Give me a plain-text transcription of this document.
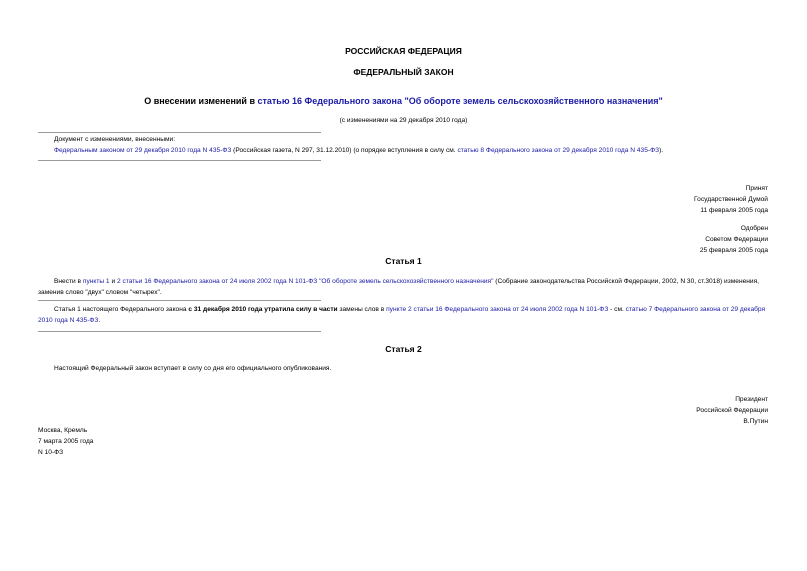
РОССИЙСКАЯ ФЕДЕРАЦИЯ
ФЕДЕРАЛЬНЫЙ ЗАКОН
О внесении изменений в статью 16 Федерального закона "Об обороте земель сельскохозяйственного назначения"
(с изменениями на 29 декабря 2010 года)
Документ с изменениями, внесенными:
Федеральным законом от 29 декабря 2010 года N 435-ФЗ (Российская газета, N 297, 31.12.2010) (о порядке вступления в силу см. статью 8 Федерального закона от 29 декабря 2010 года N 435-ФЗ).
Принят
Государственной Думой
11 февраля 2005 года
Одобрен
Советом Федерации
25 февраля 2005 года
Статья 1
Внести в пункты 1 и 2 статьи 16 Федерального закона от 24 июля 2002 года N 101-ФЗ "Об обороте земель сельскохозяйственного назначения" (Собрание законодательства Российской Федерации, 2002, N 30, ст.3018) изменения, заменив слово "двух" словом "четырех".
Статья 1 настоящего Федерального закона с 31 декабря 2010 года утратила силу в части замены слов в пункте 2 статьи 16 Федерального закона от 24 июля 2002 года N 101-ФЗ - см. статью 7 Федерального закона от 29 декабря 2010 года N 435-ФЗ.
Статья 2
Настоящий Федеральный закон вступает в силу со дня его официального опубликования.
Президент
Российской Федерации
В.Путин
Москва, Кремль
7 марта 2005 года
N 10-ФЗ
